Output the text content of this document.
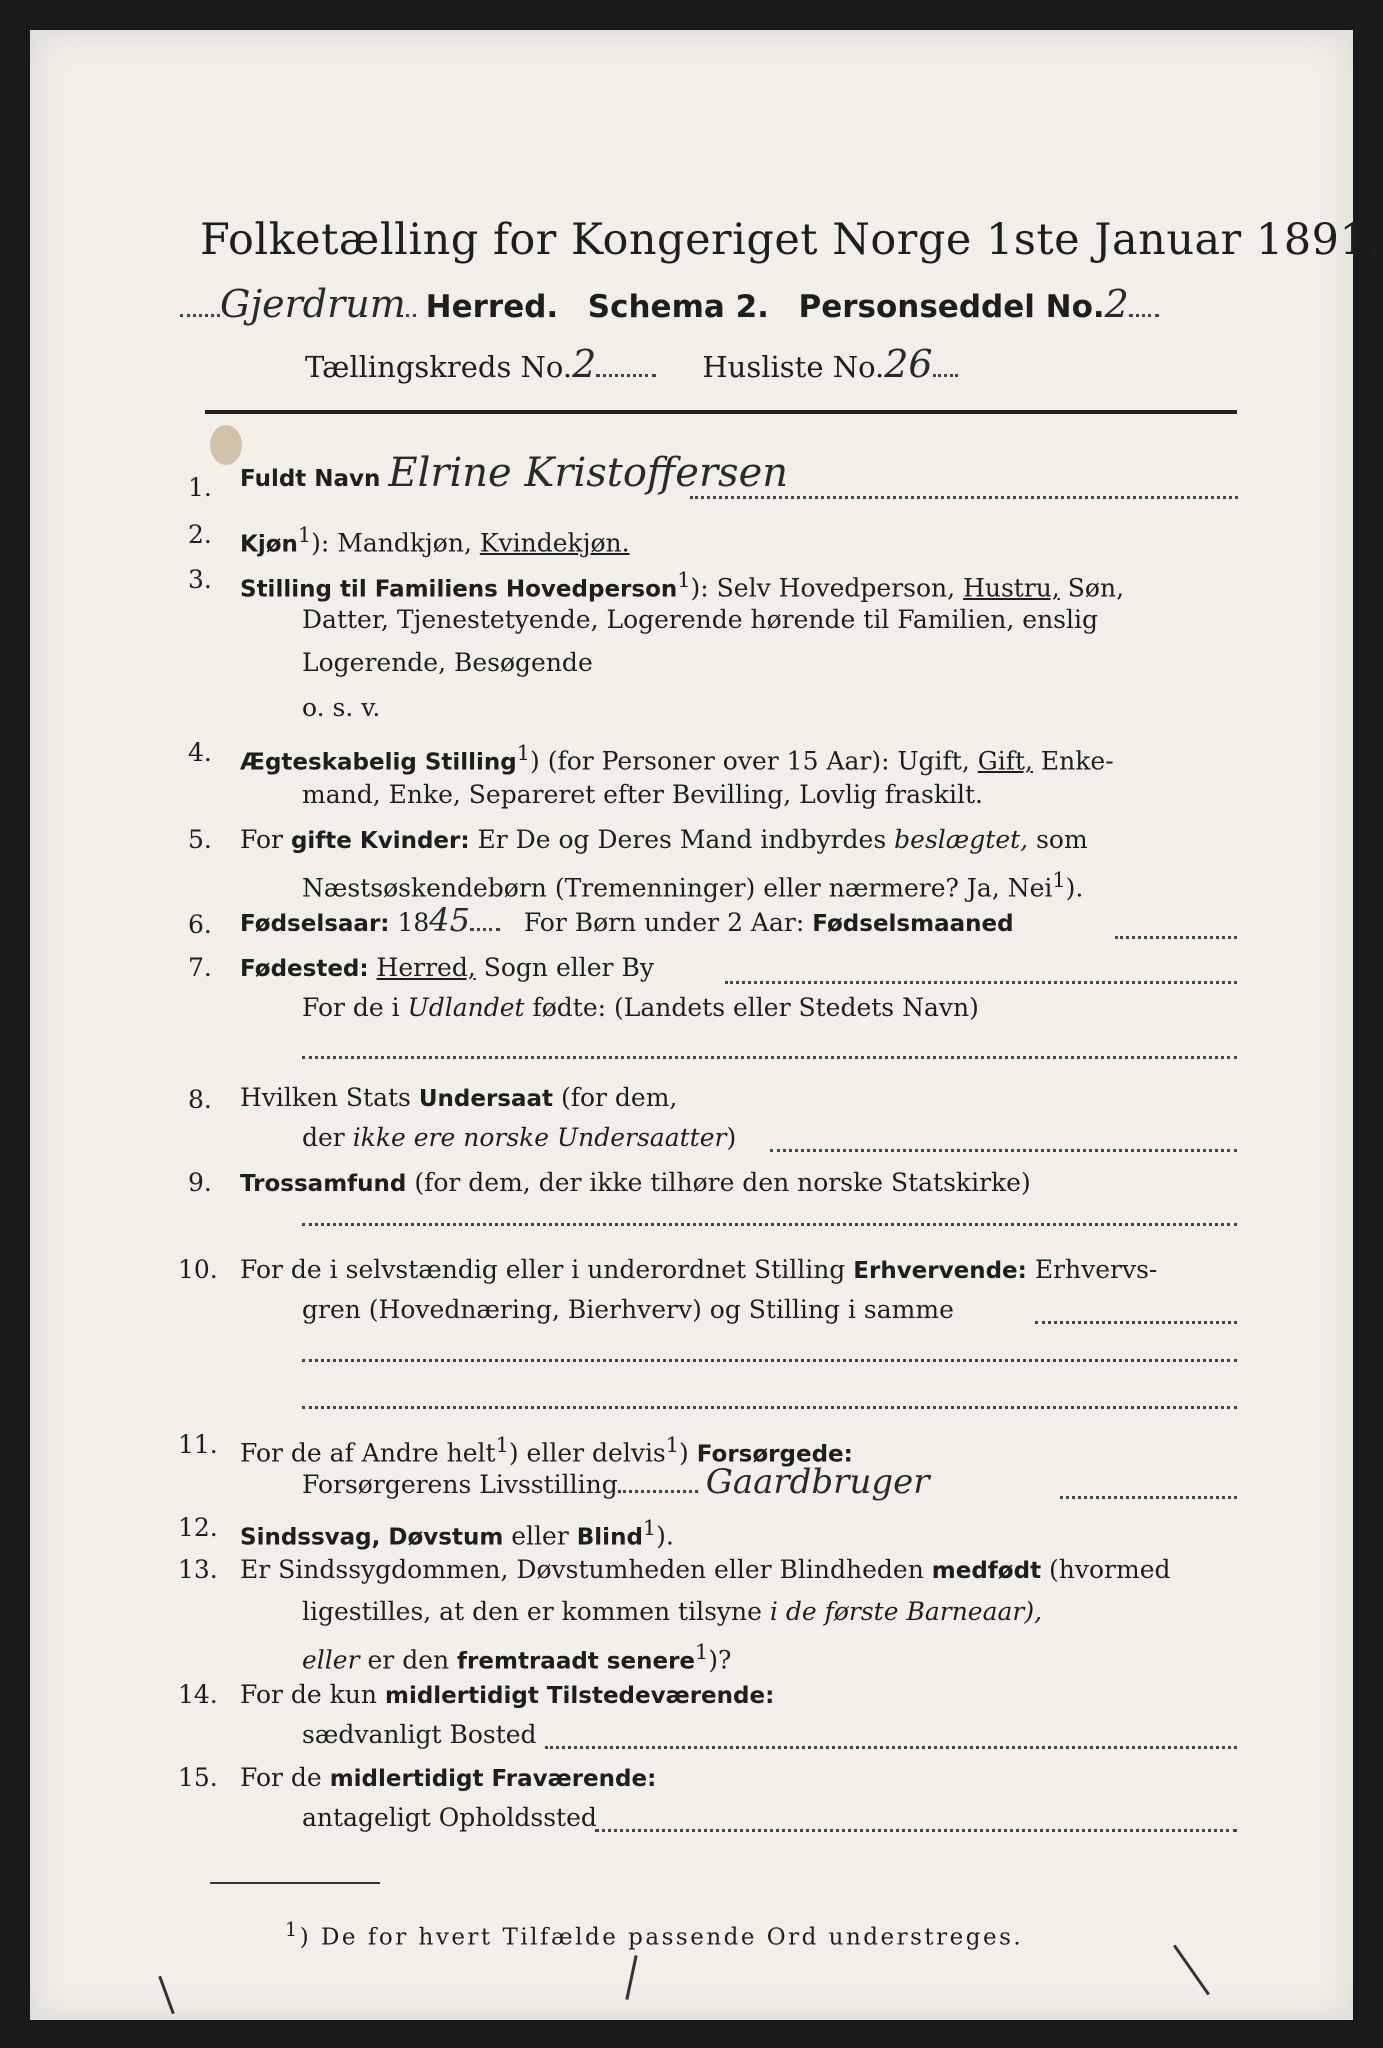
Folketælling for Kongeriget Norge 1ste Januar 1891.
Gjerdrum Herred. Schema 2. Personseddel No.2
Tællingskreds No.2	Husliste No.26
1.	Fuldt Navn Elrine Kristoffersen
2.	Kjøn$^1$): Mandkjøn, Kvindekjøn.
3.	Stilling til Familiens Hovedperson$^1$): Selv Hovedperson, Hustru, Søn,
Datter, Tjenestetyende, Logerende hørende til Familien, enslig
Logerende, Besøgende
o. s. v.
4.	Ægteskabelig Stilling$^1$) (for Personer over 15 Aar): Ugift, Gift, Enke-
mand, Enke, Separeret efter Bevilling, Lovlig fraskilt.
5.	For gifte Kvinder: Er De og Deres Mand indbyrdes beslægtet, som
Næstsøskendebørn (Tremenninger) eller nærmere? Ja, Nei$^1$).
6.	Fødselsaar: 1845 For Børn under 2 Aar: Fødselsmaaned
7.	Fødested: Herred, Sogn eller By
For de i Udlandet fødte: (Landets eller Stedets Navn)
8.	Hvilken Stats Undersaat (for dem,
der ikke ere norske Undersaatter)
9.	Trossamfund (for dem, der ikke tilhøre den norske Statskirke)
10. For de i selvstændig eller i underordnet Stilling Erhvervende: Erhvervs-
gren (Hovednæring, Bierhverv) og Stilling i samme
11. For de af Andre helt$^1$) eller delvis$^1$) Forsørgede:
Forsørgerens Livsstilling	Gaardbruger
12. Sindssvag, Døvstum eller Blind$^1$).
13. Er Sindssygdommen, Døvstumheden eller Blindheden medfødt (hvormed
ligestilles, at den er kommen tilsyne i de første Barneaar),
eller er den fremtraadt senere$^1$)?
14. For de kun midlertidigt Tilstedeværende:
sædvanligt Bosted
15. For de midlertidigt Fraværende:
antageligt Opholdssted
$^1$) De for hvert Tilfælde passende Ord understreges.
